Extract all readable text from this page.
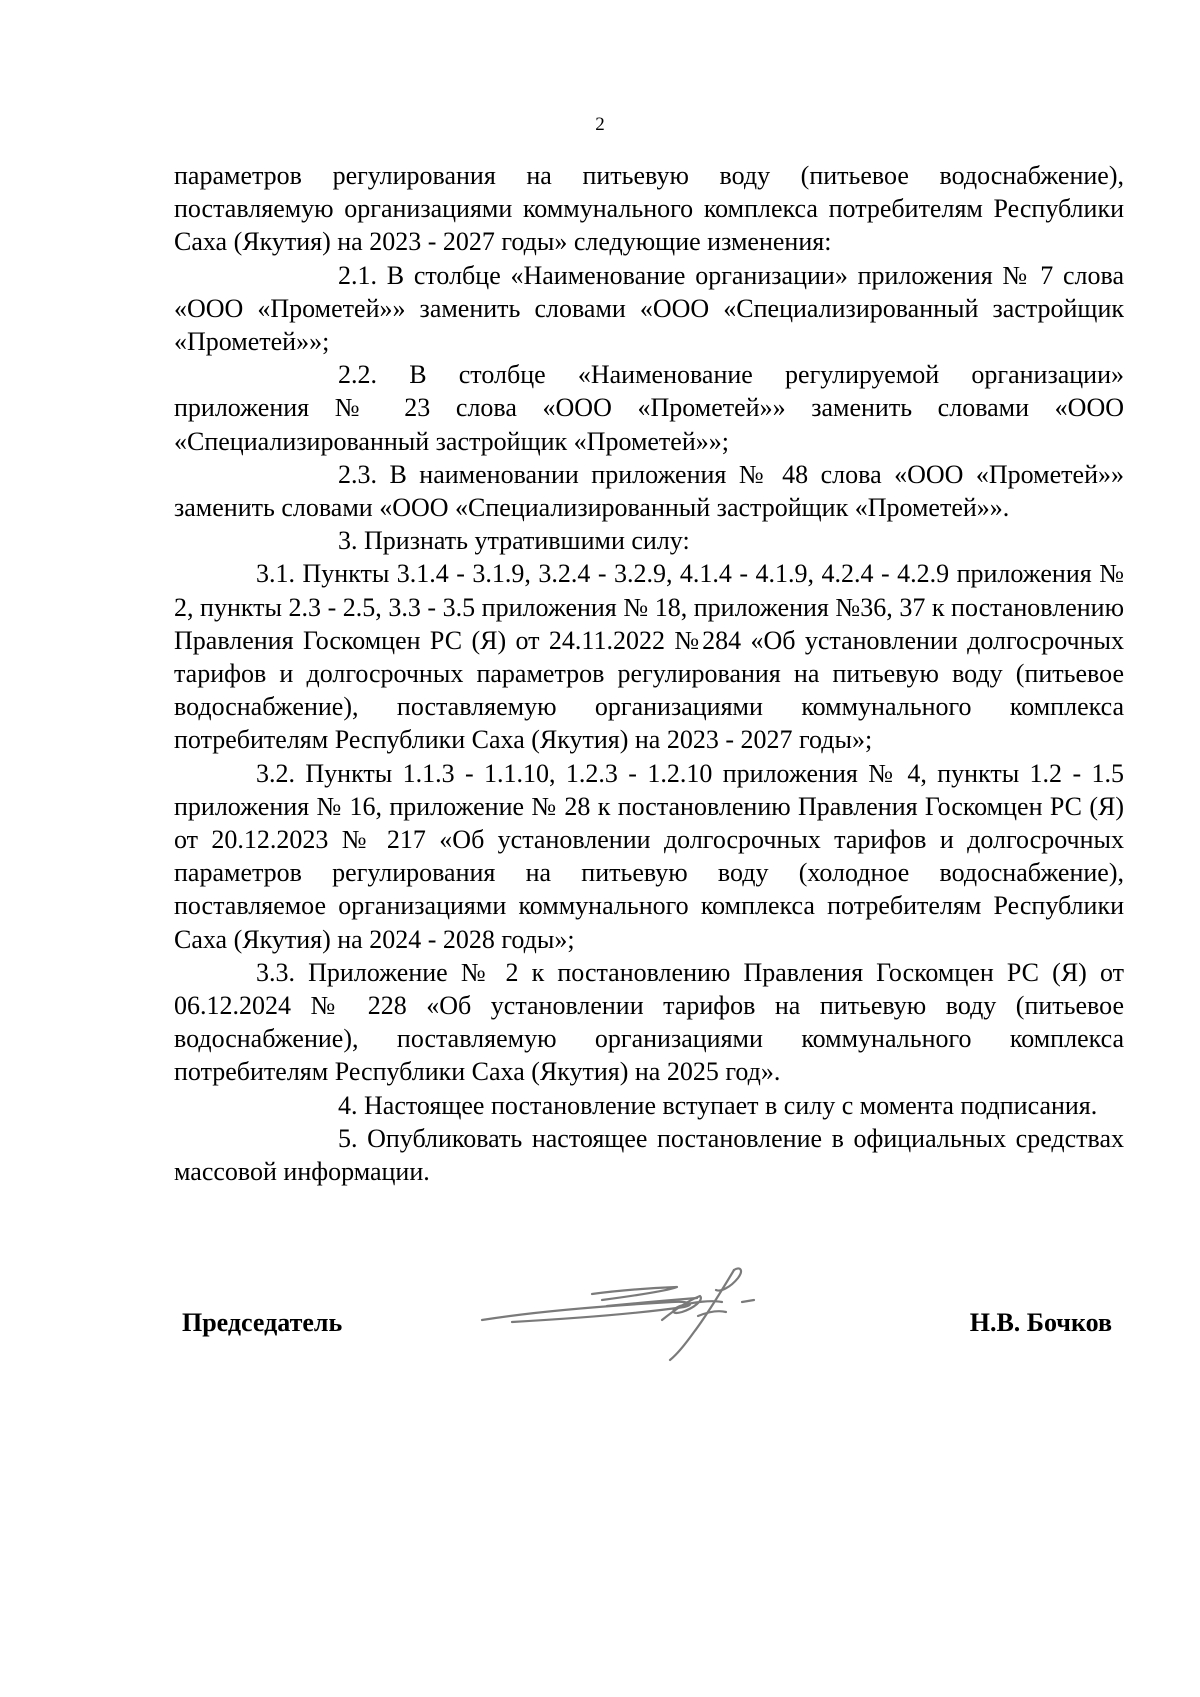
2

параметров регулирования на питьевую воду (питьевое водоснабжение), поставляемую организациями коммунального комплекса потребителям Республики Саха (Якутия) на 2023 - 2027 годы» следующие изменения:

2.1. В столбце «Наименование организации» приложения № 7 слова «ООО «Прометей»» заменить словами «ООО «Специализированный застройщик «Прометей»»;

2.2. В столбце «Наименование регулируемой организации» приложения № 23 слова «ООО «Прометей»» заменить словами «ООО «Специализированный застройщик «Прометей»»;

2.3. В наименовании приложения № 48 слова «ООО «Прометей»» заменить словами «ООО «Специализированный застройщик «Прометей»».

3. Признать утратившими силу:

3.1. Пункты 3.1.4 - 3.1.9, 3.2.4 - 3.2.9, 4.1.4 - 4.1.9, 4.2.4 - 4.2.9 приложения № 2, пункты 2.3 - 2.5, 3.3 - 3.5 приложения № 18, приложения №36, 37 к постановлению Правления Госкомцен РС (Я) от 24.11.2022 №284 «Об установлении долгосрочных тарифов и долгосрочных параметров регулирования на питьевую воду (питьевое водоснабжение), поставляемую организациями коммунального комплекса потребителям Республики Саха (Якутия) на 2023 - 2027 годы»;

3.2. Пункты 1.1.3 - 1.1.10, 1.2.3 - 1.2.10 приложения № 4, пункты 1.2 - 1.5 приложения № 16, приложение № 28 к постановлению Правления Госкомцен РС (Я) от 20.12.2023 № 217 «Об установлении долгосрочных тарифов и долгосрочных параметров регулирования на питьевую воду (холодное водоснабжение), поставляемое организациями коммунального комплекса потребителям Республики Саха (Якутия) на 2024 - 2028 годы»;

3.3. Приложение № 2 к постановлению Правления Госкомцен РС (Я) от 06.12.2024 № 228 «Об установлении тарифов на питьевую воду (питьевое водоснабжение), поставляемую организациями коммунального комплекса потребителям Республики Саха (Якутия) на 2025 год».

4. Настоящее постановление вступает в силу с момента подписания.

5. Опубликовать настоящее постановление в официальных средствах массовой информации.

Председатель	Н.В. Бочков
